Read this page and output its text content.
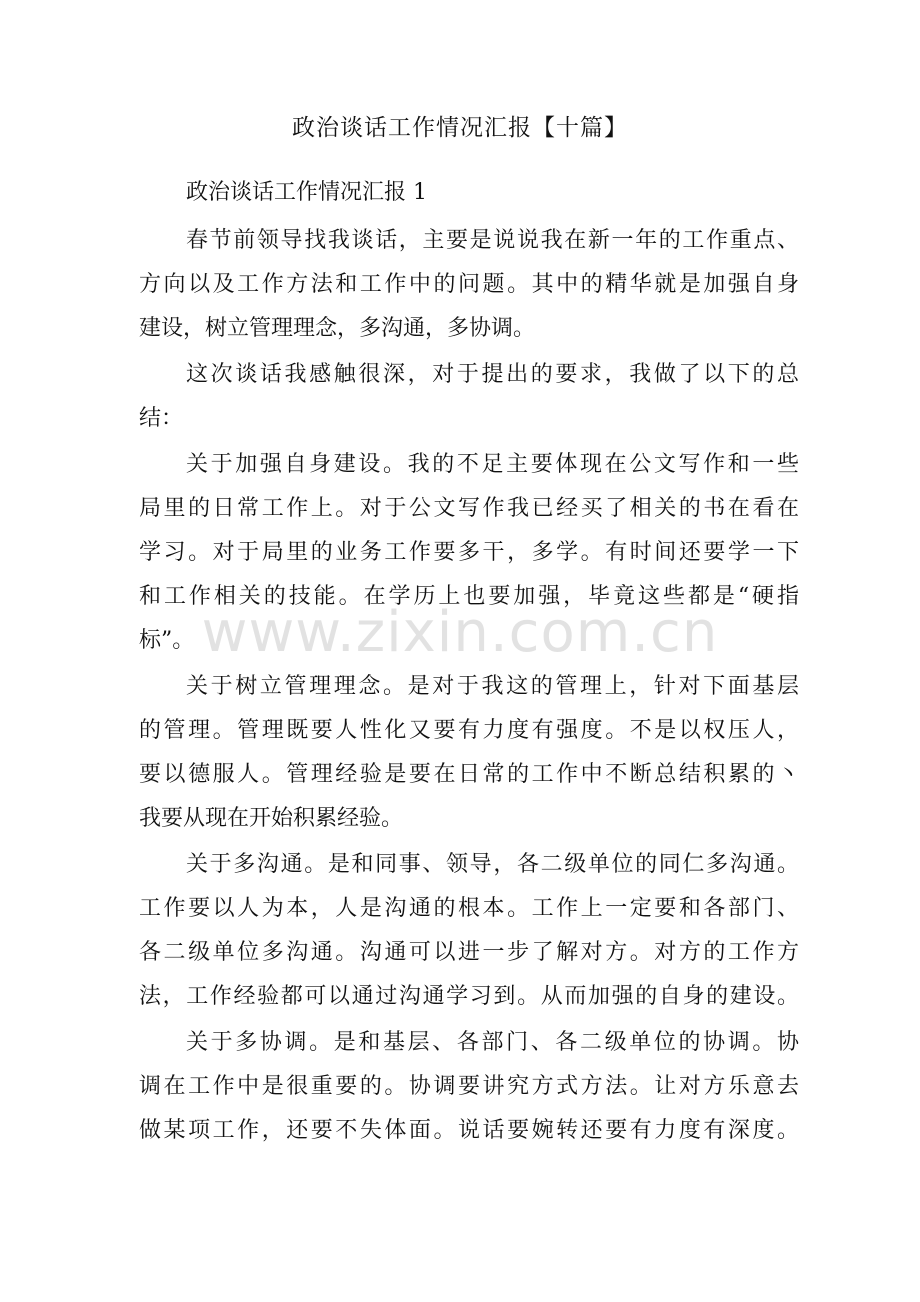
政治谈话工作情况汇报【十篇】
政治谈话工作情况汇报 1
春节前领导找我谈话，主要是说说我在新一年的工作重点、
方向以及工作方法和工作中的问题。其中的精华就是加强自身
建设，树立管理理念，多沟通，多协调。
这次谈话我感触很深，对于提出的要求，我做了以下的总
结：
关于加强自身建设。我的不足主要体现在公文写作和一些
局里的日常工作上。对于公文写作我已经买了相关的书在看在
学习。对于局里的业务工作要多干，多学。有时间还要学一下
和工作相关的技能。在学历上也要加强，毕竟这些都是“硬指
标”。
关于树立管理理念。是对于我这的管理上，针对下面基层
的管理。管理既要人性化又要有力度有强度。不是以权压人，
要以德服人。管理经验是要在日常的工作中不断总结积累的丶
我要从现在开始积累经验。
关于多沟通。是和同事、领导，各二级单位的同仁多沟通。
工作要以人为本，人是沟通的根本。工作上一定要和各部门、
各二级单位多沟通。沟通可以进一步了解对方。对方的工作方
法，工作经验都可以通过沟通学习到。从而加强的自身的建设。
关于多协调。是和基层、各部门、各二级单位的协调。协
调在工作中是很重要的。协调要讲究方式方法。让对方乐意去
做某项工作，还要不失体面。说话要婉转还要有力度有深度。
www.zixin.com.cn
